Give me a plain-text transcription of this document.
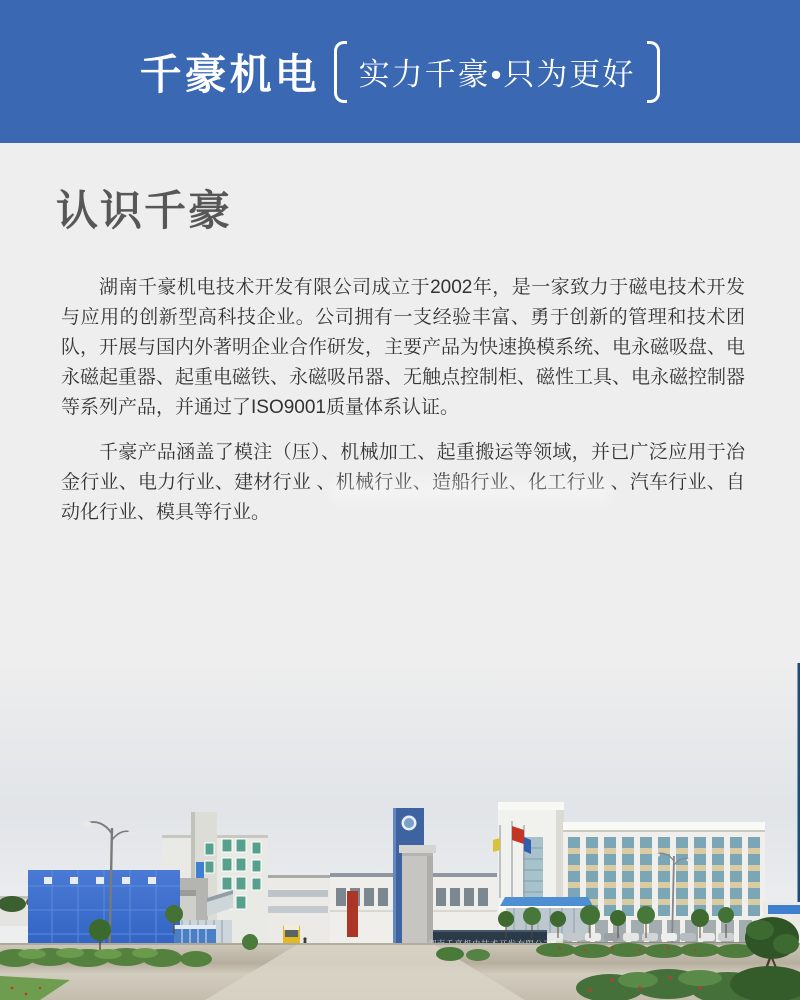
千豪机电	实力千豪•只为更好
认识千豪

湖南千豪机电技术开发有限公司成立于2002年，是一家致力于磁电技术开发与应用的创新型高科技企业。公司拥有一支经验丰富、勇于创新的管理和技术团队，开展与国内外著明企业合作研发，主要产品为快速换模系统、电永磁吸盘、电永磁起重器、起重电磁铁、永磁吸吊器、无触点控制柜、磁性工具、电永磁控制器等系列产品，并通过了ISO9001质量体系认证。

千豪产品涵盖了模注（压）、机械加工、起重搬运等领域，并已广泛应用于冶金行业、电力行业、建材行业 、机械行业、造船行业、化工行业 、汽车行业、自动化行业、模具等行业。
